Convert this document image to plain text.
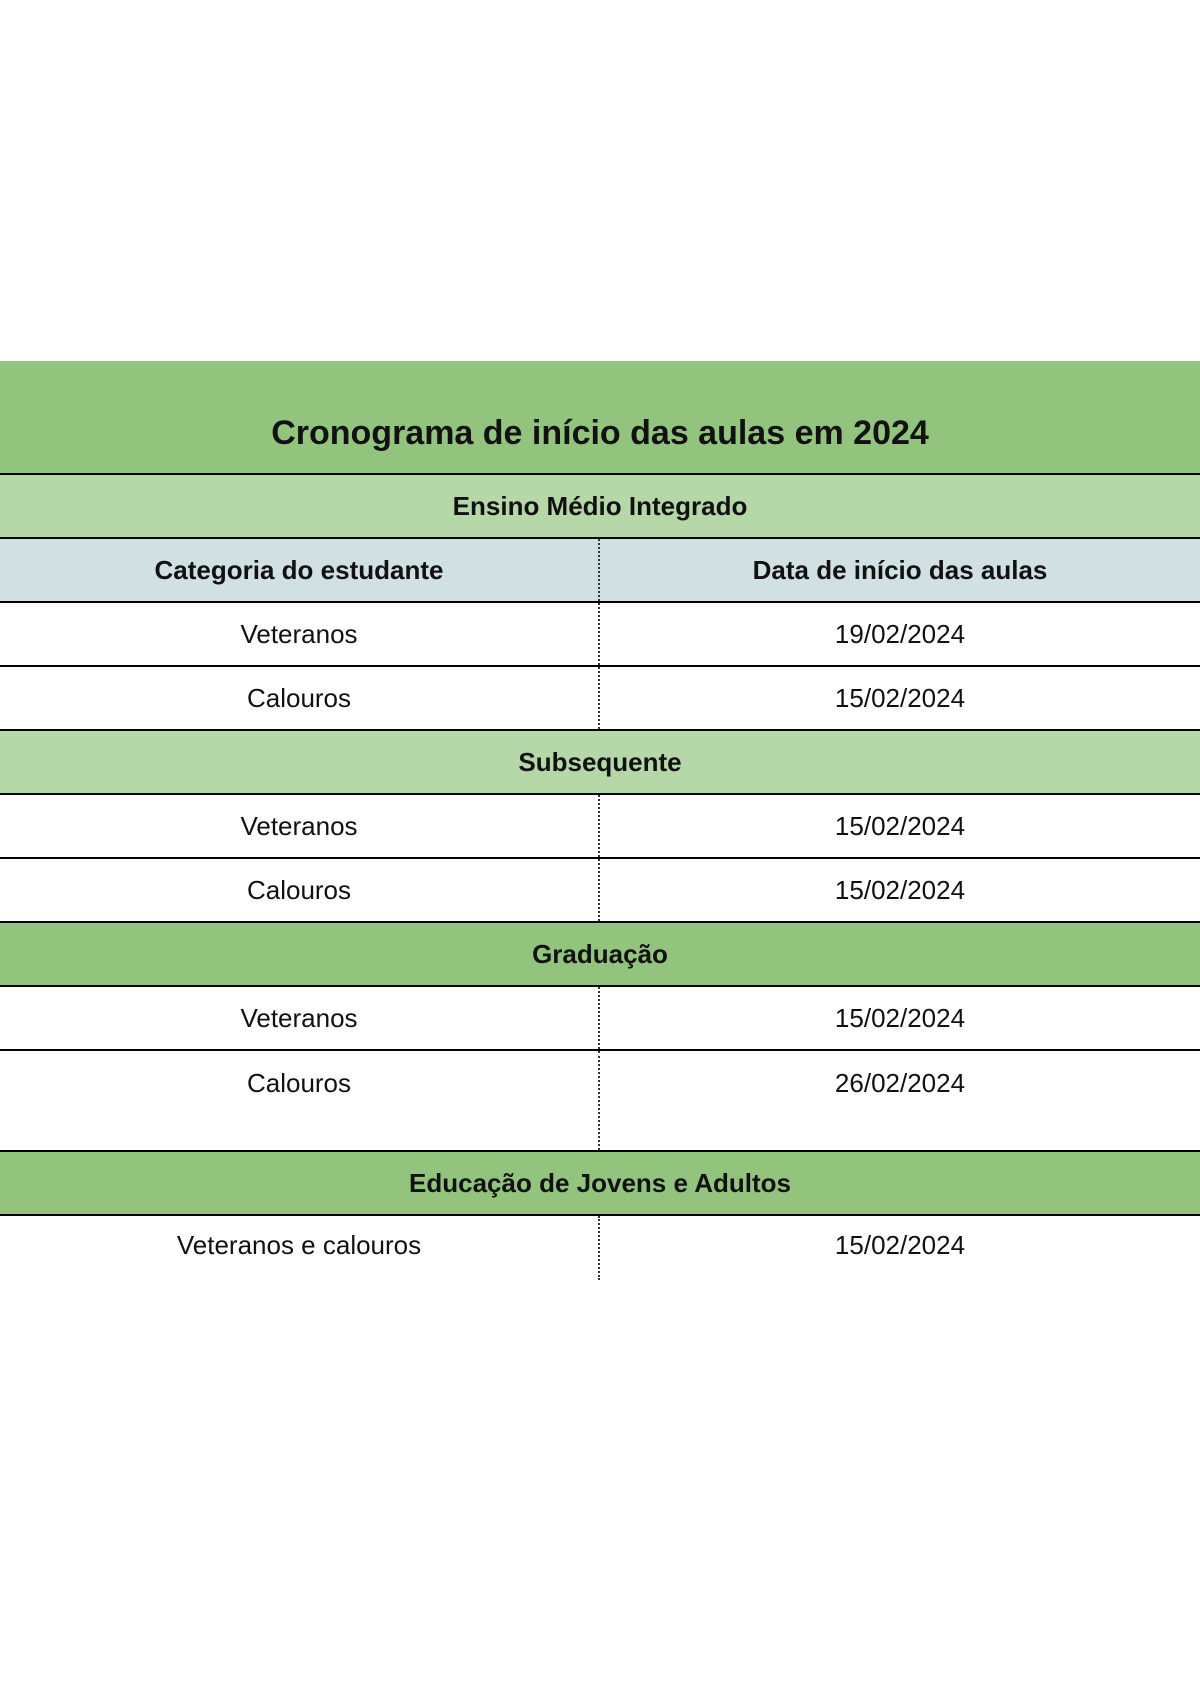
Cronograma de início das aulas em 2024
Ensino Médio Integrado
Categoria do estudante	Data de início das aulas
Veteranos	19/02/2024
Calouros	15/02/2024
Subsequente
Veteranos	15/02/2024
Calouros	15/02/2024
Graduação
Veteranos	15/02/2024
Calouros	26/02/2024
Educação de Jovens e Adultos
Veteranos e calouros	15/02/2024
